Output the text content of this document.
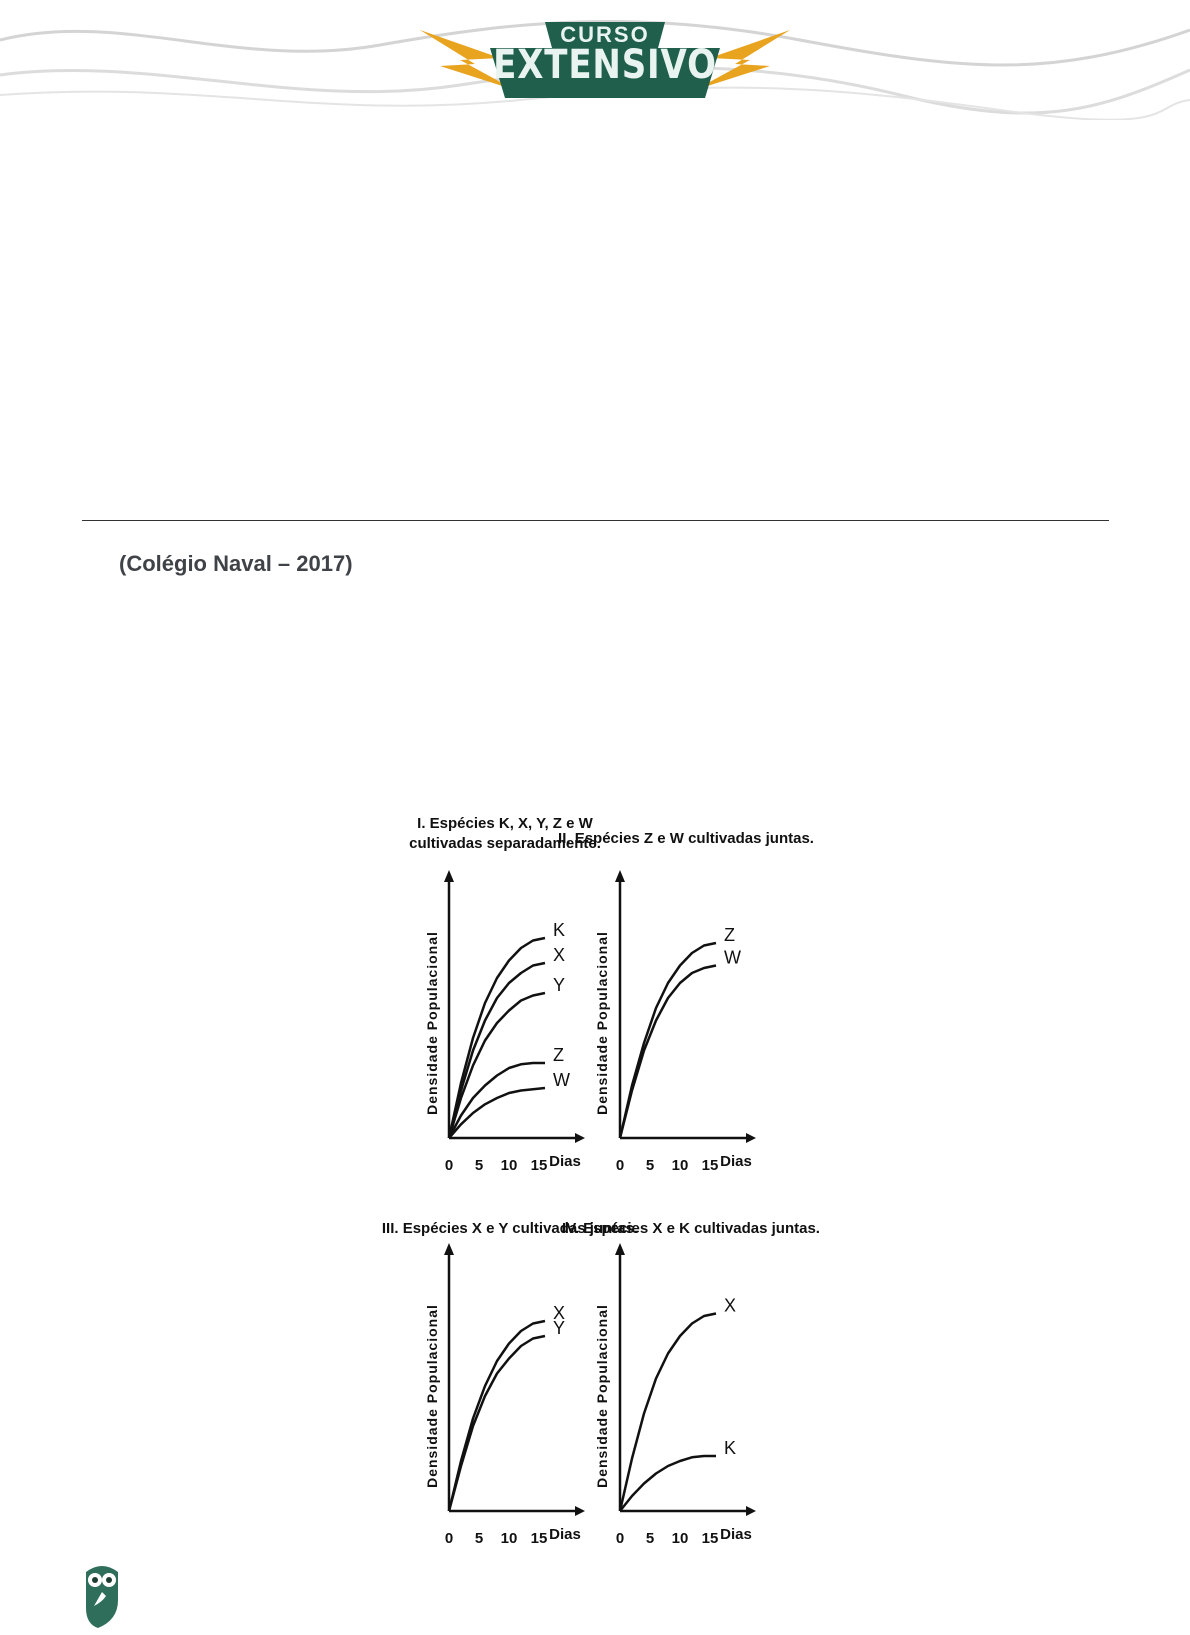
CURSO
EXTENSIVO
(Colégio Naval – 2017)
I. Espécies K, X, Y, Z e W
cultivadas separadamente.
0 5 10 15 Dias
Densidade Populacional
K
X
Y
Z
W
II. Espécies Z e W cultivadas juntas.
0 5 10 15 Dias
Densidade Populacional	Z
W
III. Espécies X e Y cultivadas juntas.
0 5 10 15 Dias
Densidade Populacional	X
Y
IV. Espécies X e K cultivadas juntas.
0 5 10 15 Dias
Densidade Populacional	X
K
